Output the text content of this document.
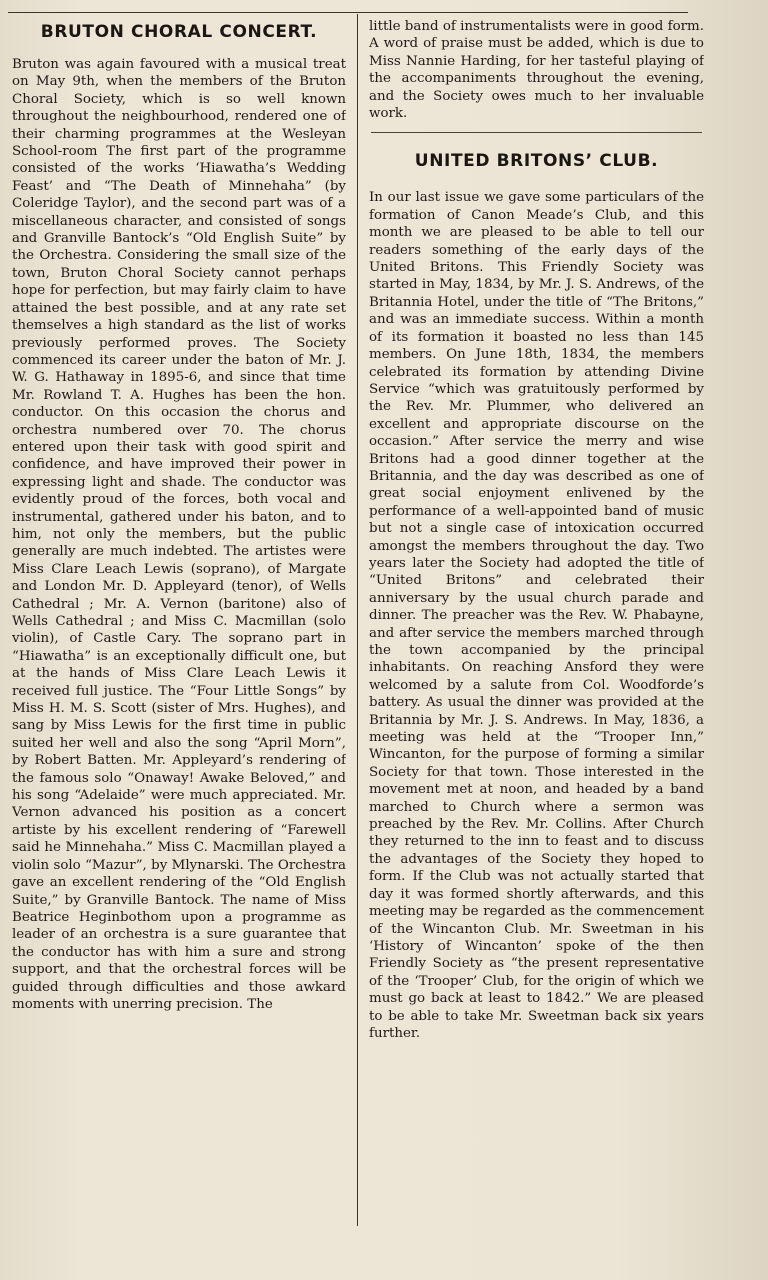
BRUTON CHORAL CONCERT.

Bruton was again favoured with a musical treat on May 9th, when the members of the Bruton Choral Society, which is so well known throughout the neighbourhood, rendered one of their charming programmes at the Wesleyan School-room The first part of the programme consisted of the works ‘Hiawatha’s Wedding Feast’ and “The Death of Minnehaha” (by Coleridge Taylor), and the second part was of a miscellaneous character, and consisted of songs and Granville Bantock’s “Old English Suite” by the Orchestra. Considering the small size of the town, Bruton Choral Society cannot perhaps hope for perfection, but may fairly claim to have attained the best possible, and at any rate set themselves a high standard as the list of works previously performed proves. The Society commenced its career under the baton of Mr. J. W. G. Hathaway in 1895-6, and since that time Mr. Rowland T. A. Hughes has been the hon. conductor. On this occasion the chorus and orchestra numbered over 70. The chorus entered upon their task with good spirit and confidence, and have improved their power in expressing light and shade. The conductor was evidently proud of the forces, both vocal and instrumental, gathered under his baton, and to him, not only the members, but the public generally are much indebted. The artistes were Miss Clare Leach Lewis (soprano), of Margate and London Mr. D. Appleyard (tenor), of Wells Cathedral ; Mr. A. Vernon (baritone) also of Wells Cathedral ; and Miss C. Macmillan (solo violin), of Castle Cary. The soprano part in “Hiawatha” is an exceptionally difficult one, but at the hands of Miss Clare Leach Lewis it received full justice. The “Four Little Songs” by Miss H. M. S. Scott (sister of Mrs. Hughes), and sang by Miss Lewis for the first time in public suited her well and also the song “April Morn”, by Robert Batten. Mr. Appleyard’s rendering of the famous solo “Onaway! Awake Beloved,” and his song “Adelaide” were much appreciated. Mr. Vernon advanced his position as a concert artiste by his excellent rendering of “Farewell said he Minnehaha.” Miss C. Macmillan played a violin solo “Mazur”, by Mlynarski. The Orchestra gave an excellent rendering of the “Old English Suite,” by Granville Bantock. The name of Miss Beatrice Heginbothom upon a programme as leader of an orchestra is a sure guarantee that the conductor has with him a sure and strong support, and that the orchestral forces will be guided through difficulties and those awkard moments with unerring precision. The

little band of instrumentalists were in good form. A word of praise must be added, which is due to Miss Nannie Harding, for her tasteful playing of the accompaniments throughout the evening, and the Society owes much to her invaluable work.

UNITED BRITONS’ CLUB.

In our last issue we gave some particulars of the formation of Canon Meade’s Club, and this month we are pleased to be able to tell our readers something of the early days of the United Britons. This Friendly Society was started in May, 1834, by Mr. J. S. Andrews, of the Britannia Hotel, under the title of “The Britons,” and was an immediate success. Within a month of its formation it boasted no less than 145 members. On June 18th, 1834, the members celebrated its formation by attending Divine Service “which was gratuitously performed by the Rev. Mr. Plummer, who delivered an excellent and appropriate discourse on the occasion.” After service the merry and wise Britons had a good dinner together at the Britannia, and the day was described as one of great social enjoyment enlivened by the performance of a well-appointed band of music but not a single case of intoxication occurred amongst the members throughout the day. Two years later the Society had adopted the title of “United Britons” and celebrated their anniversary by the usual church parade and dinner. The preacher was the Rev. W. Phabayne, and after service the members marched through the town accompanied by the principal inhabitants. On reaching Ansford they were welcomed by a salute from Col. Woodforde’s battery. As usual the dinner was provided at the Britannia by Mr. J. S. Andrews. In May, 1836, a meeting was held at the “Trooper Inn,” Wincanton, for the purpose of forming a similar Society for that town. Those interested in the movement met at noon, and headed by a band marched to Church where a sermon was preached by the Rev. Mr. Collins. After Church they returned to the inn to feast and to discuss the advantages of the Society they hoped to form. If the Club was not actually started that day it was formed shortly afterwards, and this meeting may be regarded as the commencement of the Wincanton Club. Mr. Sweetman in his ‘History of Wincanton’ spoke of the then Friendly Society as “the present representative of the ‘Trooper’ Club, for the origin of which we must go back at least to 1842.” We are pleased to be able to take Mr. Sweetman back six years further.
